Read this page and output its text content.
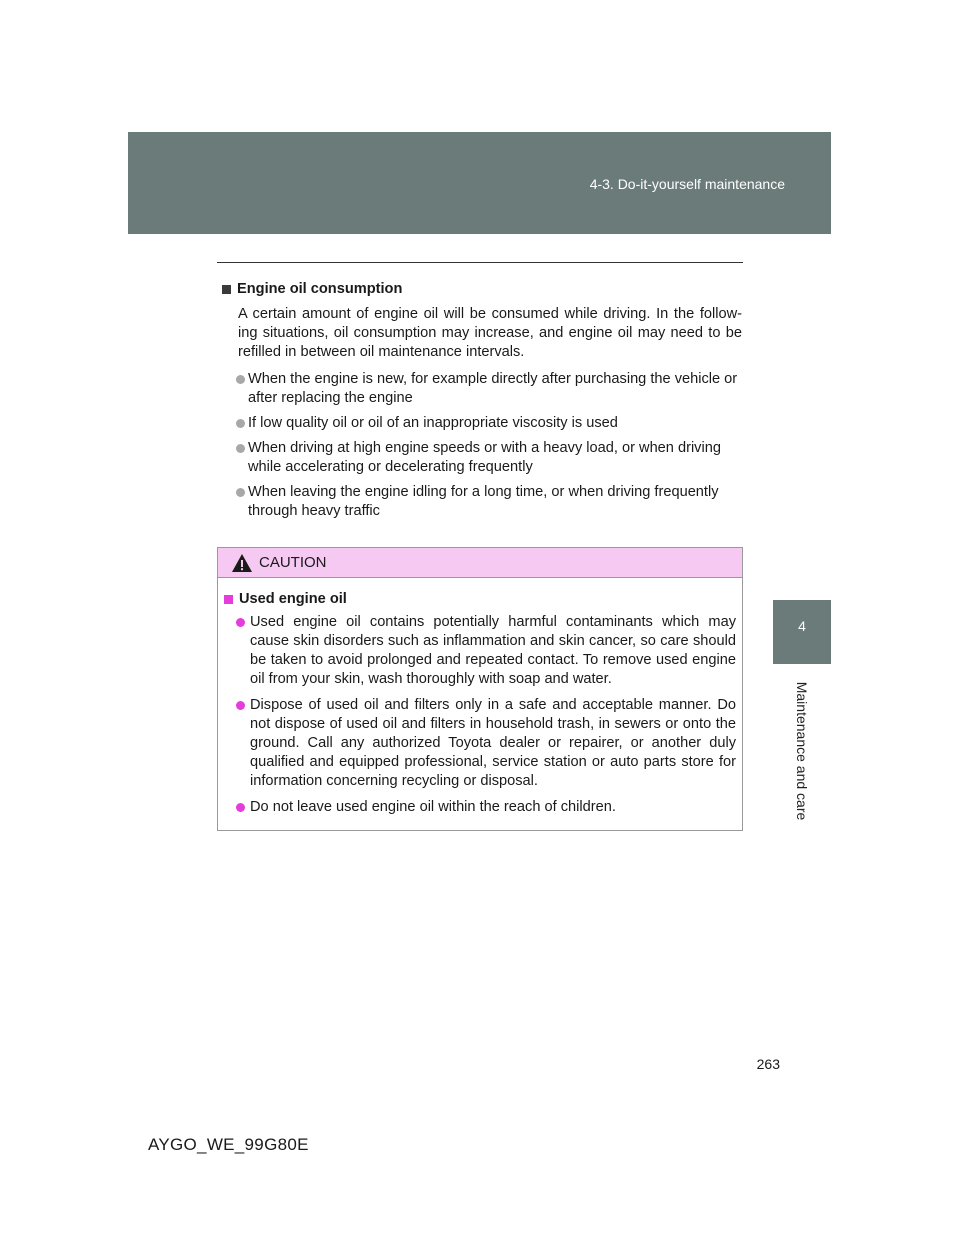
4-3. Do-it-yourself maintenance
4
Maintenance and care
Engine oil consumption
A certain amount of engine oil will be consumed while driving. In the follow- ing situations, oil consumption may increase, and engine oil may need to be refilled in between oil maintenance intervals.
When the engine is new, for example directly after purchasing the vehicle or after replacing the engine
If low quality oil or oil of an inappropriate viscosity is used
When driving at high engine speeds or with a heavy load, or when driving while accelerating or decelerating frequently
When leaving the engine idling for a long time, or when driving frequently through heavy traffic
CAUTION
Used engine oil
Used engine oil contains potentially harmful contaminants which may cause skin disorders such as inflammation and skin cancer, so care should be taken to avoid prolonged and repeated contact. To remove used engine oil from your skin, wash thoroughly with soap and water.
Dispose of used oil and filters only in a safe and acceptable manner. Do not dispose of used oil and filters in household trash, in sewers or onto the ground. Call any authorized Toyota dealer or repairer, or another duly qualified and equipped professional, service station or auto parts store for information concerning recycling or disposal.
Do not leave used engine oil within the reach of children.
263
AYGO_WE_99G80E
